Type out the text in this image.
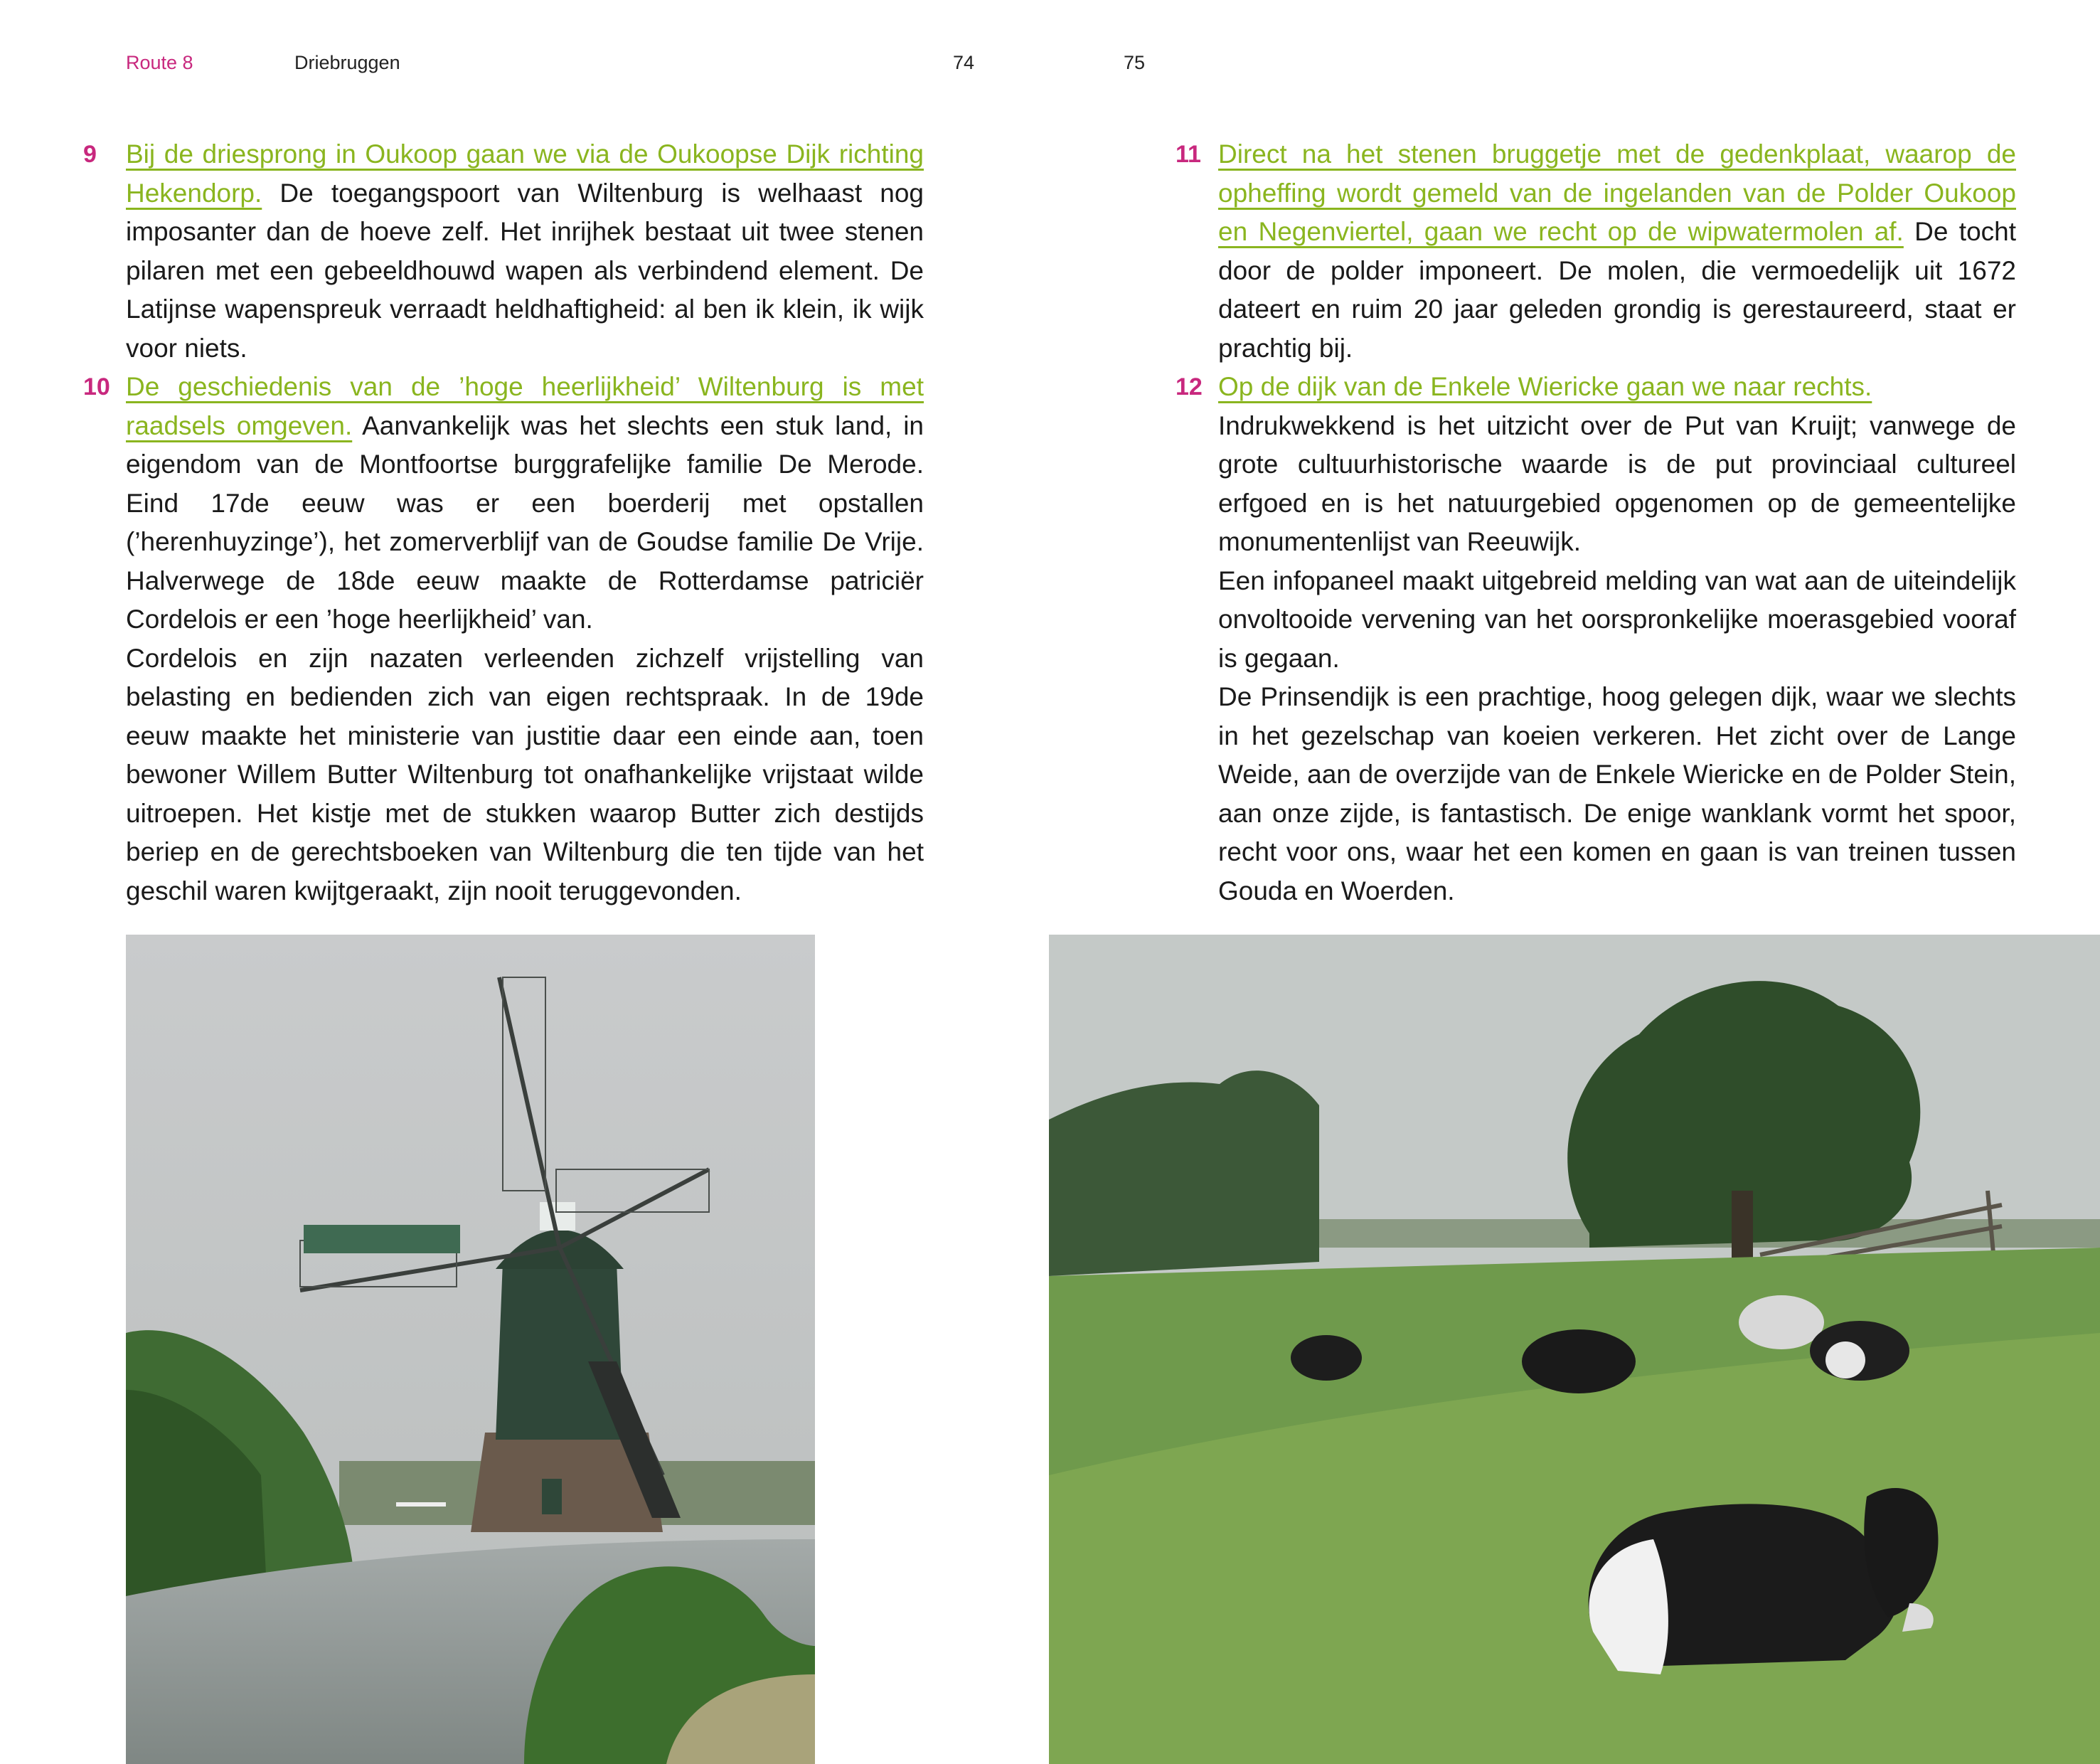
Route 8	Driebruggen	74	75
9 Bij de driesprong in Oukoop gaan we via de Oukoopse Dijk richting Hekendorp. De toegangspoort van Wiltenburg is welhaast nog imposanter dan de hoeve zelf. Het inrijhek bestaat uit twee stenen pilaren met een gebeeldhouwd wapen als verbindend element. De Latijnse wapenspreuk verraadt heldhaftigheid: al ben ik klein, ik wijk voor niets.
10 De geschiedenis van de ’hoge heerlijkheid’ Wiltenburg is met raadsels omgeven. Aanvankelijk was het slechts een stuk land, in eigendom van de Montfoortse burggrafelijke familie De Merode. Eind 17de eeuw was er een boerderij met opstallen (’herenhuyzinge’), het zomerverblijf van de Goudse familie De Vrije. Halverwege de 18de eeuw maakte de Rotterdamse patriciër Cordelois er een ’hoge heerlijkheid’ van.
Cordelois en zijn nazaten verleenden zichzelf vrijstelling van belasting en bedienden zich van eigen rechtspraak. In de 19de eeuw maakte het ministerie van justitie daar een einde aan, toen bewoner Willem Butter Wiltenburg tot onafhankelijke vrijstaat wilde uitroepen. Het kistje met de stukken waarop Butter zich destijds beriep en de gerechtsboeken van Wiltenburg die ten tijde van het geschil waren kwijtgeraakt, zijn nooit teruggevonden.
11 Direct na het stenen bruggetje met de gedenkplaat, waarop de opheffing wordt gemeld van de ingelanden van de Polder Oukoop en Negenviertel, gaan we recht op de wipwatermolen af. De tocht door de polder imponeert. De molen, die vermoedelijk uit 1672 dateert en ruim 20 jaar geleden grondig is gerestaureerd, staat er prachtig bij.
12 Op de dijk van de Enkele Wiericke gaan we naar rechts.
Indrukwekkend is het uitzicht over de Put van Kruijt; vanwege de grote cultuurhistorische waarde is de put provinciaal cultureel erfgoed en is het natuurgebied opgenomen op de gemeentelijke monumentenlijst van Reeuwijk.
Een infopaneel maakt uitgebreid melding van wat aan de uiteindelijk onvoltooide vervening van het oorspronkelijke moerasgebied vooraf is gegaan.
De Prinsendijk is een prachtige, hoog gelegen dijk, waar we slechts in het gezelschap van koeien verkeren. Het zicht over de Lange Weide, aan de overzijde van de Enkele Wiericke en de Polder Stein, aan onze zijde, is fantastisch. De enige wanklank vormt het spoor, recht voor ons, waar het een komen en gaan is van treinen tussen Gouda en Woerden.
